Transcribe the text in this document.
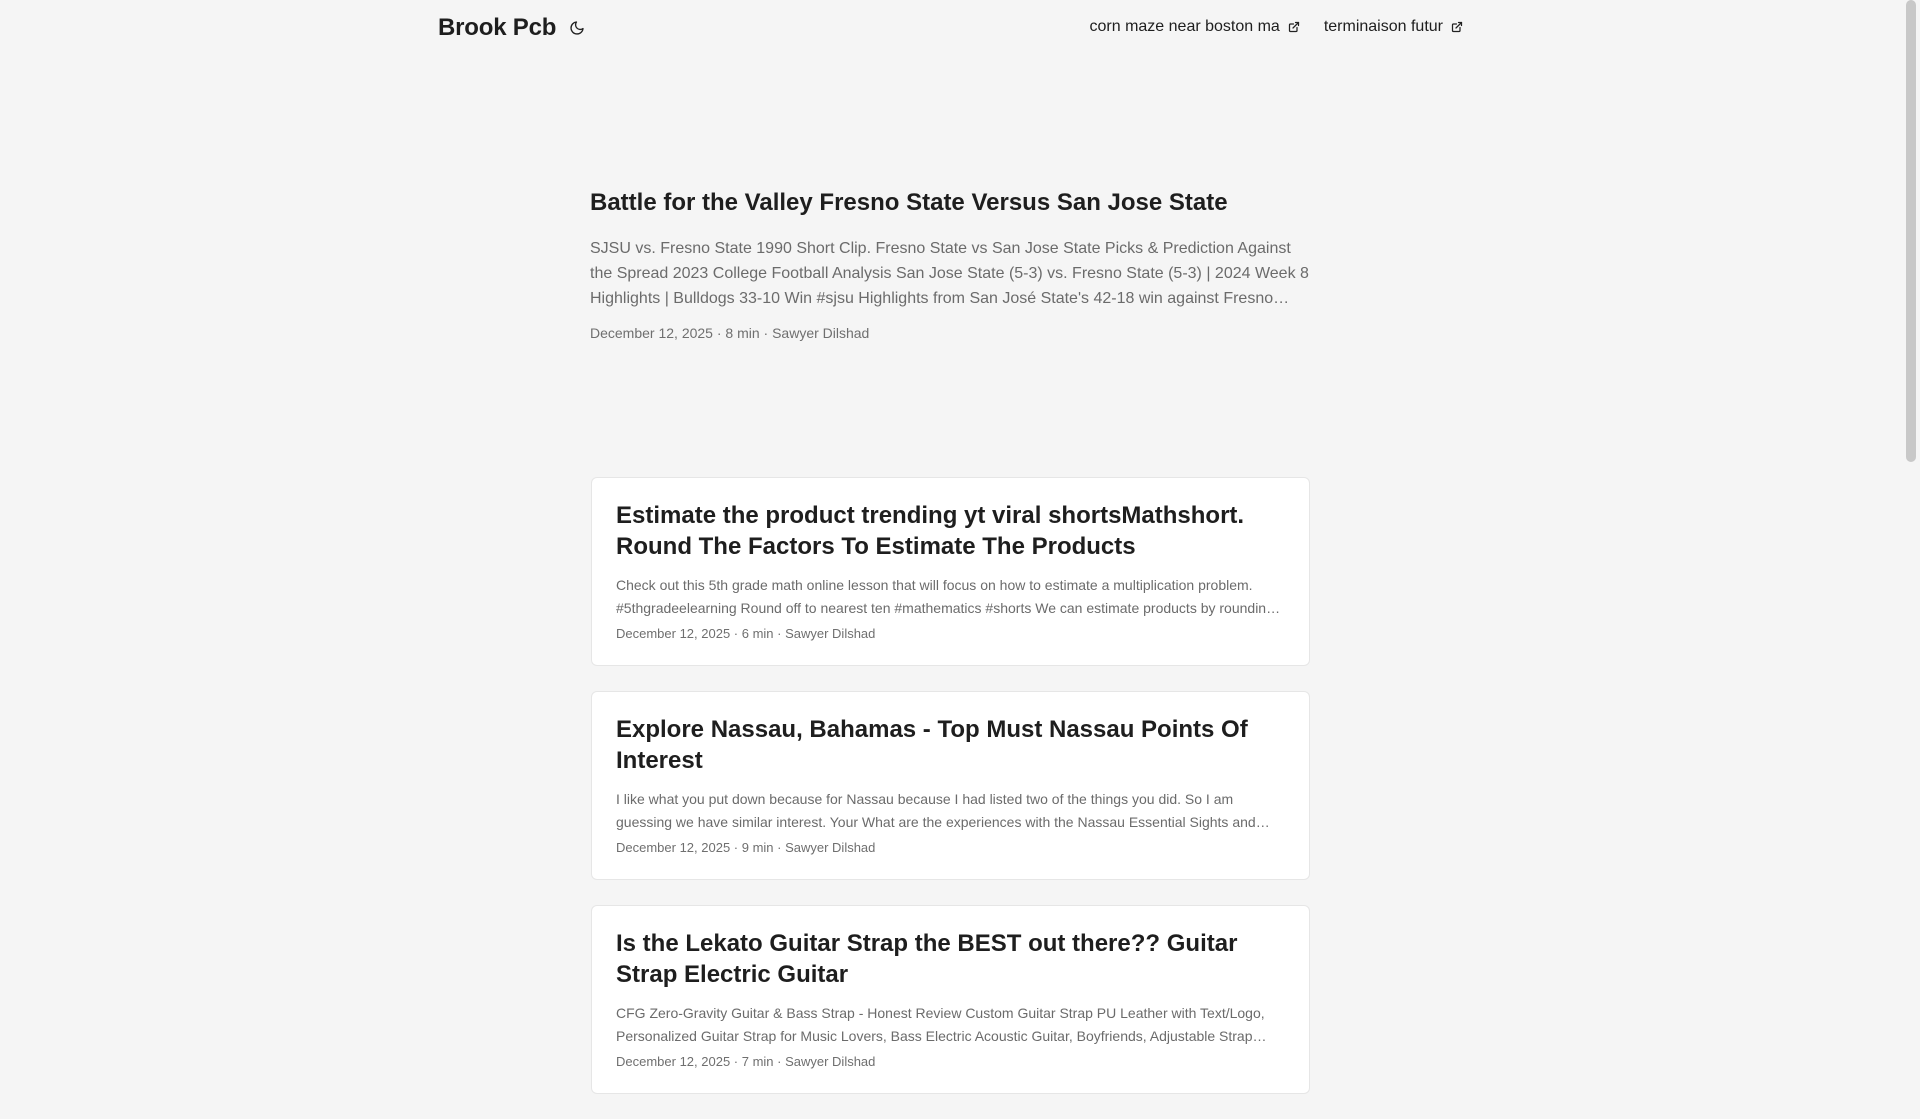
Brook Pcb	corn maze near boston ma	terminaison futur
Battle for the Valley Fresno State Versus San Jose State

SJSU vs. Fresno State 1990 Short Clip. Fresno State vs San Jose State Picks & Prediction Against the Spread 2023 College Football Analysis San Jose State (5-3) vs. Fresno State (5-3) | 2024 Week 8 Highlights | Bulldogs 33-10 Win #sjsu Highlights from San José State's 42-18 win against Fresno

December 12, 2025 · 8 min · Sawyer Dilshad
Estimate the product trending yt viral shortsMathshort. Round The Factors To Estimate The Products

Check out this 5th grade math online lesson that will focus on how to estimate a multiplication problem. #5thgradeelearning Round off to nearest ten #mathematics #shorts We can estimate products by rounding

December 12, 2025 · 6 min · Sawyer Dilshad
Explore Nassau, Bahamas - Top Must Nassau Points Of Interest

I like what you put down because for Nassau because I had listed two of the things you did. So I am guessing we have similar interest. Your What are the experiences with the Nassau Essential Sights and

December 12, 2025 · 9 min · Sawyer Dilshad
Is the Lekato Guitar Strap the BEST out there?? Guitar Strap Electric Guitar

CFG Zero-Gravity Guitar & Bass Strap - Honest Review Custom Guitar Strap PU Leather with Text/Logo, Personalized Guitar Strap for Music Lovers, Bass Electric Acoustic Guitar, Boyfriends, Adjustable Strap

December 12, 2025 · 7 min · Sawyer Dilshad
